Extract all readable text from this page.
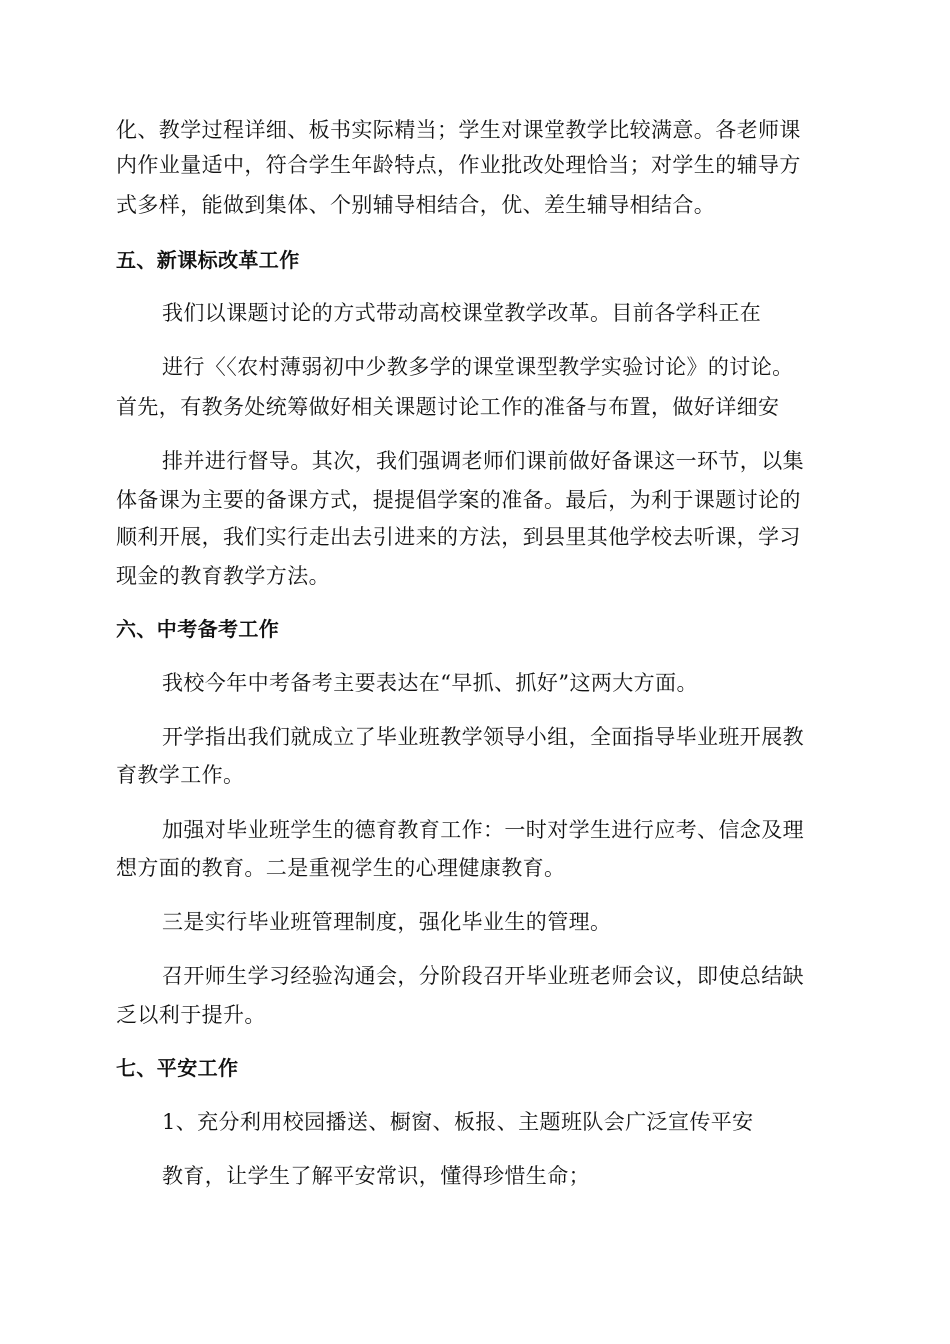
化、教学过程详细、板书实际精当；学生对课堂教学比较满意。各老师课
内作业量适中，符合学生年龄特点，作业批改处理恰当；对学生的辅导方
式多样，能做到集体、个别辅导相结合，优、差生辅导相结合。
五、新课标改革工作
我们以课题讨论的方式带动高校课堂教学改革。目前各学科正在
进行〈〈农村薄弱初中少教多学的课堂课型教学实验讨论》的讨论。
首先，有教务处统筹做好相关课题讨论工作的准备与布置，做好详细安
排并进行督导。其次，我们强调老师们课前做好备课这一环节，以集
体备课为主要的备课方式，提提倡学案的准备。最后，为利于课题讨论的
顺利开展，我们实行走出去引进来的方法，到县里其他学校去听课，学习
现金的教育教学方法。
六、中考备考工作
我校今年中考备考主要表达在“早抓、抓好”这两大方面。
开学指出我们就成立了毕业班教学领导小组，全面指导毕业班开展教
育教学工作。
加强对毕业班学生的德育教育工作：一时对学生进行应考、信念及理
想方面的教育。二是重视学生的心理健康教育。
三是实行毕业班管理制度，强化毕业生的管理。
召开师生学习经验沟通会，分阶段召开毕业班老师会议，即使总结缺
乏以利于提升。
七、平安工作
1、充分利用校园播送、橱窗、板报、主题班队会广泛宣传平安
教育，让学生了解平安常识，懂得珍惜生命；
